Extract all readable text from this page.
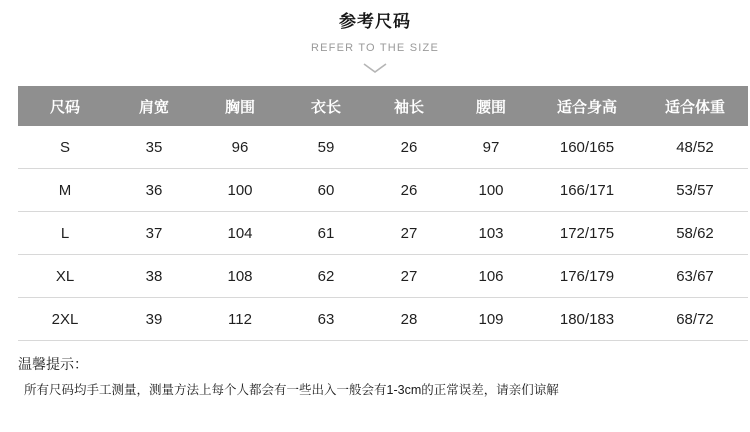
参考尺码
REFER TO THE SIZE
尺码	肩宽	胸围	衣长	袖长	腰围	适合身高	适合体重
S	35	96	59	26	97	160/165	48/52
M	36	100	60	26	100	166/171	53/57
L	37	104	61	27	103	172/175	58/62
XL	38	108	62	27	106	176/179	63/67
2XL	39	112	63	28	109	180/183	68/72
温馨提示：
所有尺码均手工测量，测量方法上每个人都会有一些出入一般会有1-3cm的正常误差，请亲们谅解
